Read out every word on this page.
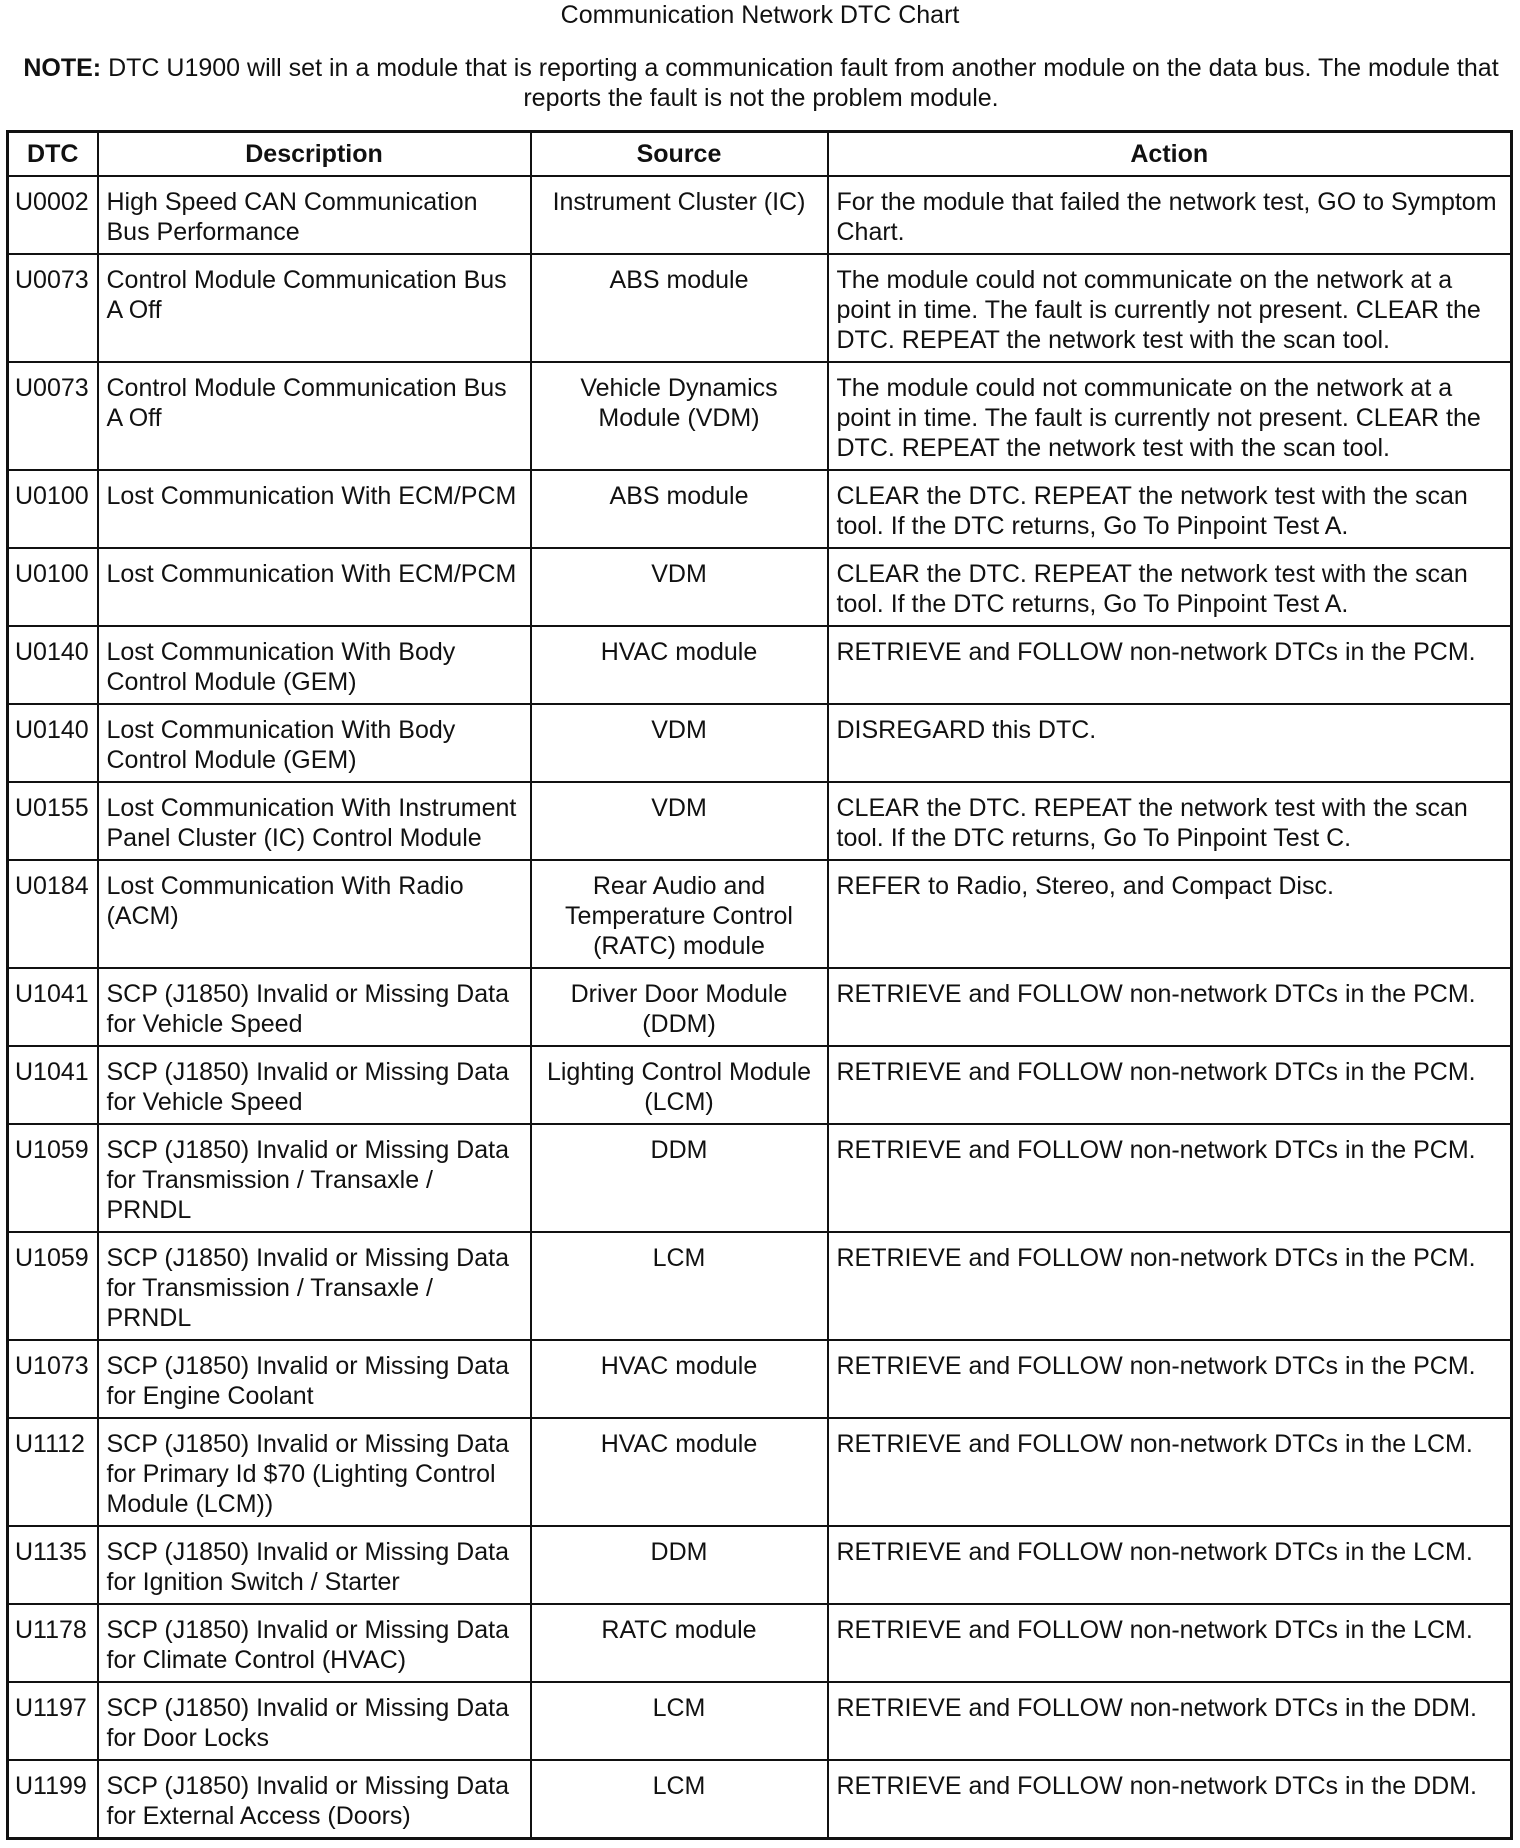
Communication Network DTC Chart
NOTE: DTC U1900 will set in a module that is reporting a communication fault from another module on the data bus. The module that reports the fault is not the problem module.
DTC	Description	Source	Action
U0002	High Speed CAN Communication Bus Performance	Instrument Cluster (IC)	For the module that failed the network test, GO to Symptom Chart.
U0073	Control Module Communication Bus A Off	ABS module	The module could not communicate on the network at a point in time. The fault is currently not present. CLEAR the DTC. REPEAT the network test with the scan tool.
U0073	Control Module Communication Bus A Off	Vehicle Dynamics Module (VDM)	The module could not communicate on the network at a point in time. The fault is currently not present. CLEAR the DTC. REPEAT the network test with the scan tool.
U0100	Lost Communication With ECM/PCM	ABS module	CLEAR the DTC. REPEAT the network test with the scan tool. If the DTC returns, Go To Pinpoint Test A.
U0100	Lost Communication With ECM/PCM	VDM	CLEAR the DTC. REPEAT the network test with the scan tool. If the DTC returns, Go To Pinpoint Test A.
U0140	Lost Communication With Body Control Module (GEM)	HVAC module	RETRIEVE and FOLLOW non-network DTCs in the PCM.
U0140	Lost Communication With Body Control Module (GEM)	VDM	DISREGARD this DTC.
U0155	Lost Communication With Instrument Panel Cluster (IC) Control Module	VDM	CLEAR the DTC. REPEAT the network test with the scan tool. If the DTC returns, Go To Pinpoint Test C.
U0184	Lost Communication With Radio (ACM)	Rear Audio and Temperature Control (RATC) module	REFER to Radio, Stereo, and Compact Disc.
U1041	SCP (J1850) Invalid or Missing Data for Vehicle Speed	Driver Door Module (DDM)	RETRIEVE and FOLLOW non-network DTCs in the PCM.
U1041	SCP (J1850) Invalid or Missing Data for Vehicle Speed	Lighting Control Module (LCM)	RETRIEVE and FOLLOW non-network DTCs in the PCM.
U1059	SCP (J1850) Invalid or Missing Data for Transmission / Transaxle / PRNDL	DDM	RETRIEVE and FOLLOW non-network DTCs in the PCM.
U1059	SCP (J1850) Invalid or Missing Data for Transmission / Transaxle / PRNDL	LCM	RETRIEVE and FOLLOW non-network DTCs in the PCM.
U1073	SCP (J1850) Invalid or Missing Data for Engine Coolant	HVAC module	RETRIEVE and FOLLOW non-network DTCs in the PCM.
U1112	SCP (J1850) Invalid or Missing Data for Primary Id $70 (Lighting Control Module (LCM))	HVAC module	RETRIEVE and FOLLOW non-network DTCs in the LCM.
U1135	SCP (J1850) Invalid or Missing Data for Ignition Switch / Starter	DDM	RETRIEVE and FOLLOW non-network DTCs in the LCM.
U1178	SCP (J1850) Invalid or Missing Data for Climate Control (HVAC)	RATC module	RETRIEVE and FOLLOW non-network DTCs in the LCM.
U1197	SCP (J1850) Invalid or Missing Data for Door Locks	LCM	RETRIEVE and FOLLOW non-network DTCs in the DDM.
U1199	SCP (J1850) Invalid or Missing Data for External Access (Doors)	LCM	RETRIEVE and FOLLOW non-network DTCs in the DDM.
